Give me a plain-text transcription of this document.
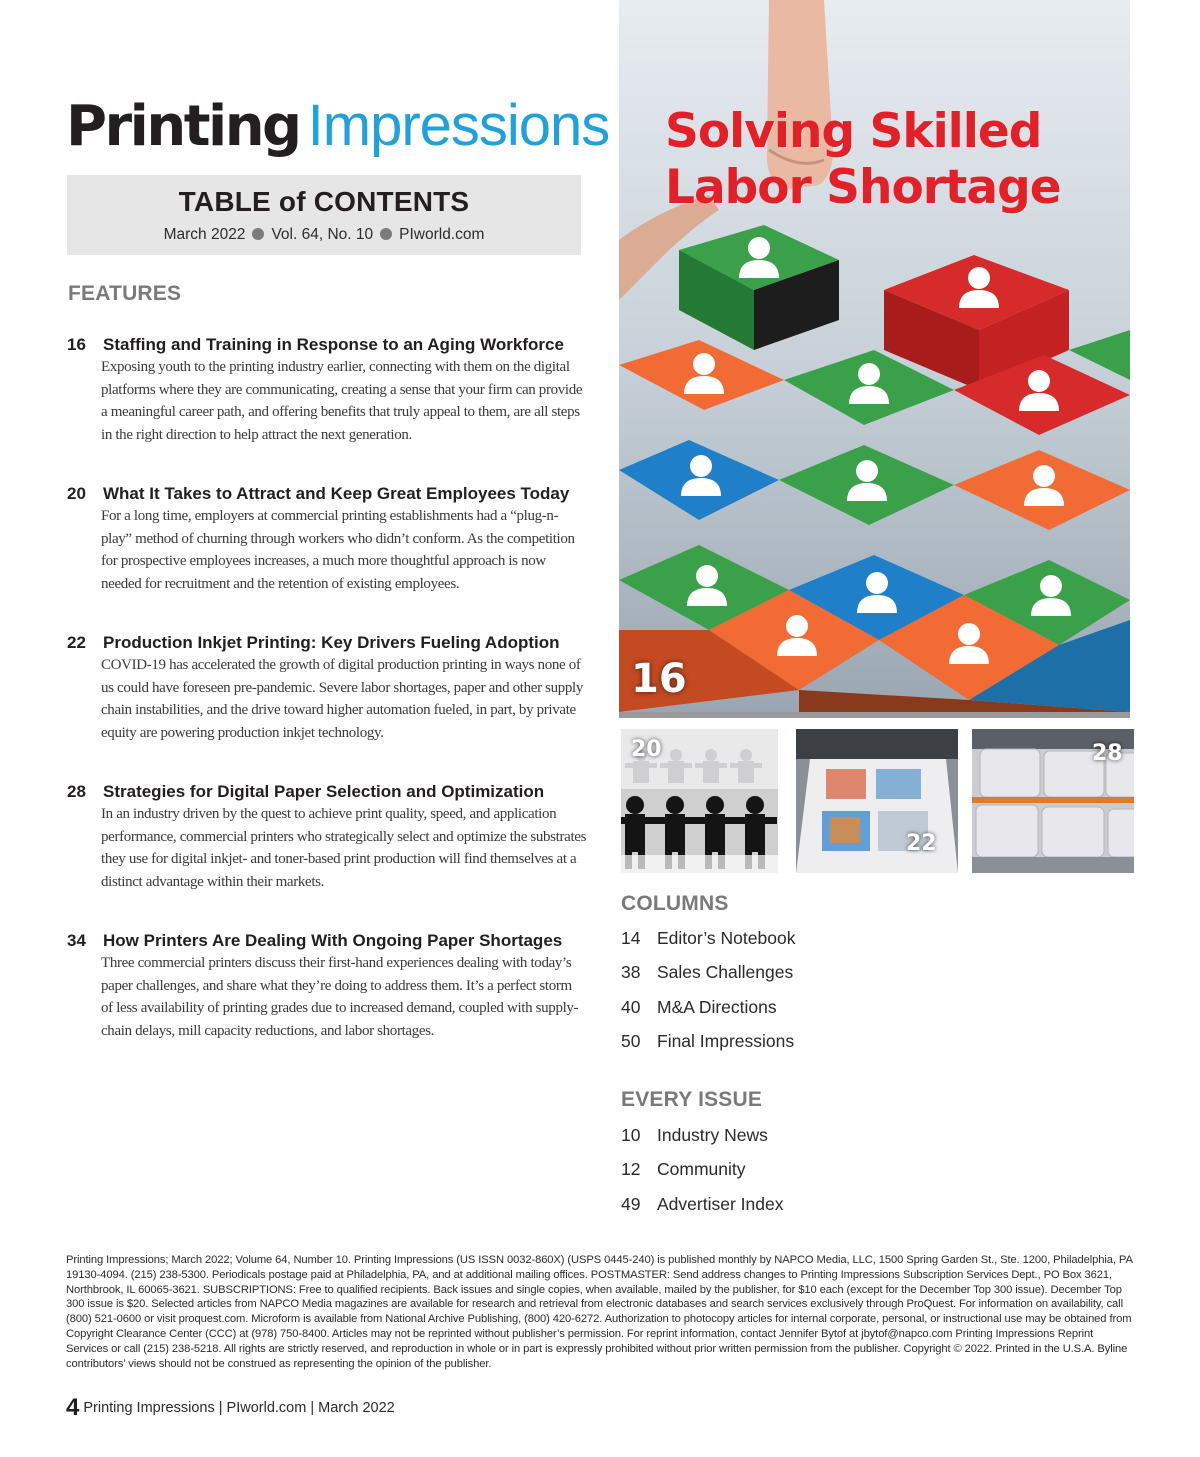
Printing Impressions
TABLE of CONTENTS
March 2022 Vol. 64, No. 10 PIworld.com
FEATURES
16 Staffing and Training in Response to an Aging Workforce
Exposing youth to the printing industry earlier, connecting with them on the digital platforms where they are communicating, creating a sense that your firm can provide a meaningful career path, and offering benefits that truly appeal to them, are all steps in the right direction to help attract the next generation.
20 What It Takes to Attract and Keep Great Employees Today
For a long time, employers at commercial printing establishments had a “plug-n-play” method of churning through workers who didn’t conform. As the competition for prospective employees increases, a much more thoughtful approach is now needed for recruitment and the retention of existing employees.
22 Production Inkjet Printing: Key Drivers Fueling Adoption
COVID-19 has accelerated the growth of digital production printing in ways none of us could have foreseen pre-pandemic. Severe labor shortages, paper and other supply chain instabilities, and the drive toward higher automation fueled, in part, by private equity are powering production inkjet technology.
28 Strategies for Digital Paper Selection and Optimization
In an industry driven by the quest to achieve print quality, speed, and application performance, commercial printers who strategically select and optimize the substrates they use for digital inkjet- and toner-based print production will find themselves at a distinct advantage within their markets.
34 How Printers Are Dealing With Ongoing Paper Shortages
Three commercial printers discuss their first-hand experiences dealing with today’s paper challenges, and share what they’re doing to address them. It’s a perfect storm of less availability of printing grades due to increased demand, coupled with supply-chain delays, mill capacity reductions, and labor shortages.
Solving Skilled
Labor Shortage
16
20
22
28
COLUMNS
14 Editor’s Notebook
38 Sales Challenges
40 M&A Directions
50 Final Impressions
EVERY ISSUE
10 Industry News
12 Community
49 Advertiser Index
Printing Impressions; March 2022; Volume 64, Number 10. Printing Impressions (US ISSN 0032-860X) (USPS 0445-240) is published monthly by NAPCO Media, LLC, 1500 Spring Garden St., Ste. 1200, Philadelphia, PA 19130-4094. (215) 238-5300. Periodicals postage paid at Philadelphia, PA, and at additional mailing offices. POSTMASTER: Send address changes to Printing Impressions Subscription Services Dept., PO Box 3621, Northbrook, IL 60065-3621. SUBSCRIPTIONS: Free to qualified recipients. Back issues and single copies, when available, mailed by the publisher, for $10 each (except for the December Top 300 issue). December Top 300 issue is $20. Selected articles from NAPCO Media magazines are available for research and retrieval from electronic databases and search services exclusively through ProQuest. For information on availability, call (800) 521-0600 or visit proquest.com. Microform is available from National Archive Publishing, (800) 420-6272. Authorization to photocopy articles for internal corporate, personal, or instructional use may be obtained from Copyright Clearance Center (CCC) at (978) 750-8400. Articles may not be reprinted without publisher’s permission. For reprint information, contact Jennifer Bytof at jbytof@napco.com Printing Impressions Reprint Services or call (215) 238-5218. All rights are strictly reserved, and reproduction in whole or in part is expressly prohibited without prior written permission from the publisher. Copyright © 2022. Printed in the U.S.A. Byline contributors’ views should not be construed as representing the opinion of the publisher.
4 Printing Impressions | PIworld.com | March 2022
